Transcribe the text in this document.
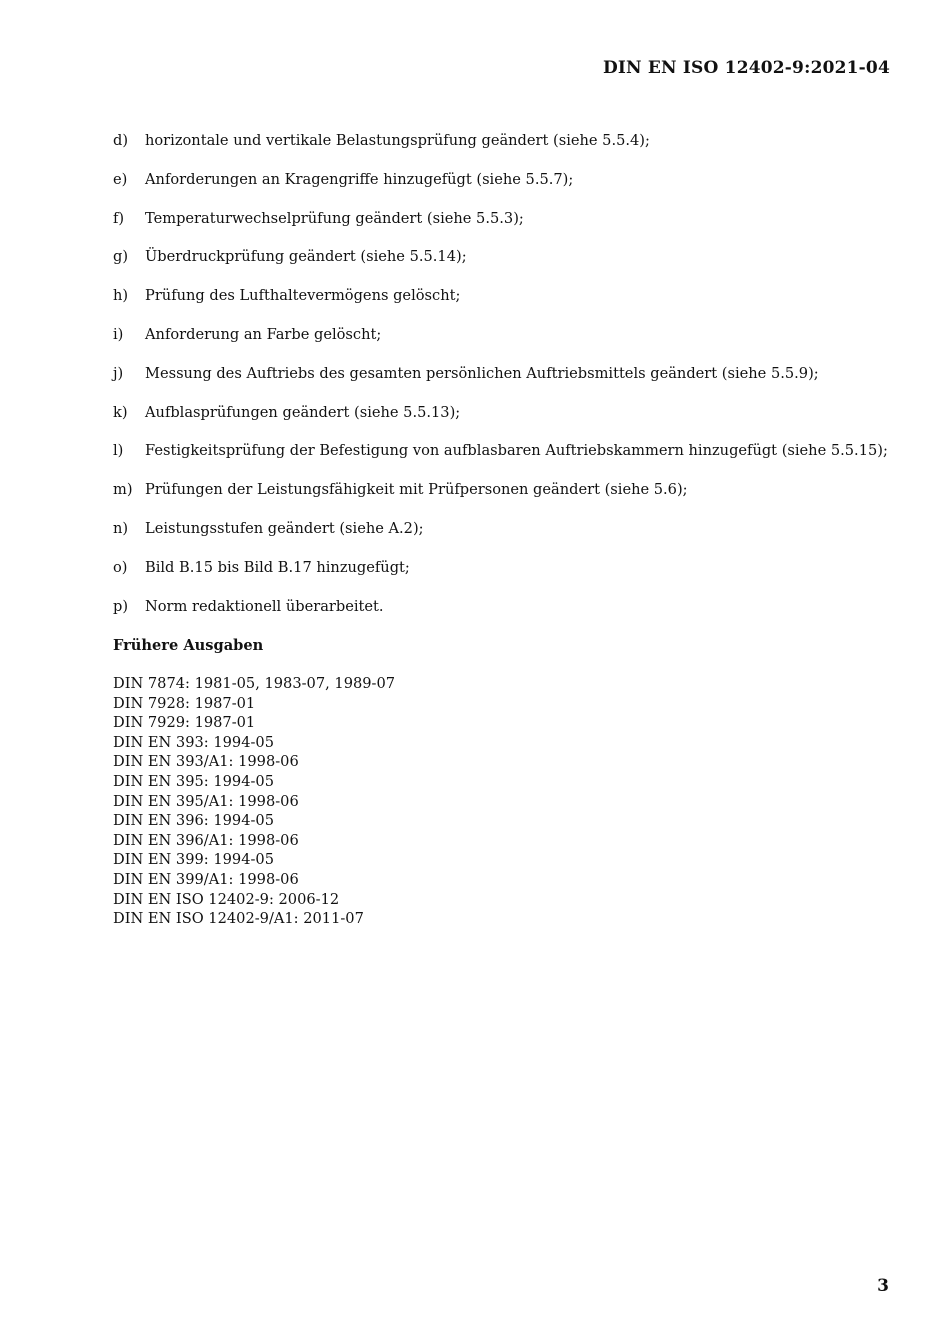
DIN EN ISO 12402-9:2021-04
d) horizontale und vertikale Belastungsprüfung geändert (siehe 5.5.4);
e) Anforderungen an Kragengriffe hinzugefügt (siehe 5.5.7);
f) Temperaturwechselprüfung geändert (siehe 5.5.3);
g) Überdruckprüfung geändert (siehe 5.5.14);
h) Prüfung des Lufthaltevermögens gelöscht;
i) Anforderung an Farbe gelöscht;
j) Messung des Auftriebs des gesamten persönlichen Auftriebsmittels geändert (siehe 5.5.9);
k) Aufblasprüfungen geändert (siehe 5.5.13);
l) Festigkeitsprüfung der Befestigung von aufblasbaren Auftriebskammern hinzugefügt (siehe 5.5.15);
m) Prüfungen der Leistungsfähigkeit mit Prüfpersonen geändert (siehe 5.6);
n) Leistungsstufen geändert (siehe A.2);
o) Bild B.15 bis Bild B.17 hinzugefügt;
p) Norm redaktionell überarbeitet.
Frühere Ausgaben
DIN 7874: 1981-05, 1983-07, 1989-07
DIN 7928: 1987-01
DIN 7929: 1987-01
DIN EN 393: 1994-05
DIN EN 393/A1: 1998-06
DIN EN 395: 1994-05
DIN EN 395/A1: 1998-06
DIN EN 396: 1994-05
DIN EN 396/A1: 1998-06
DIN EN 399: 1994-05
DIN EN 399/A1: 1998-06
DIN EN ISO 12402-9: 2006-12
DIN EN ISO 12402-9/A1: 2011-07
3
